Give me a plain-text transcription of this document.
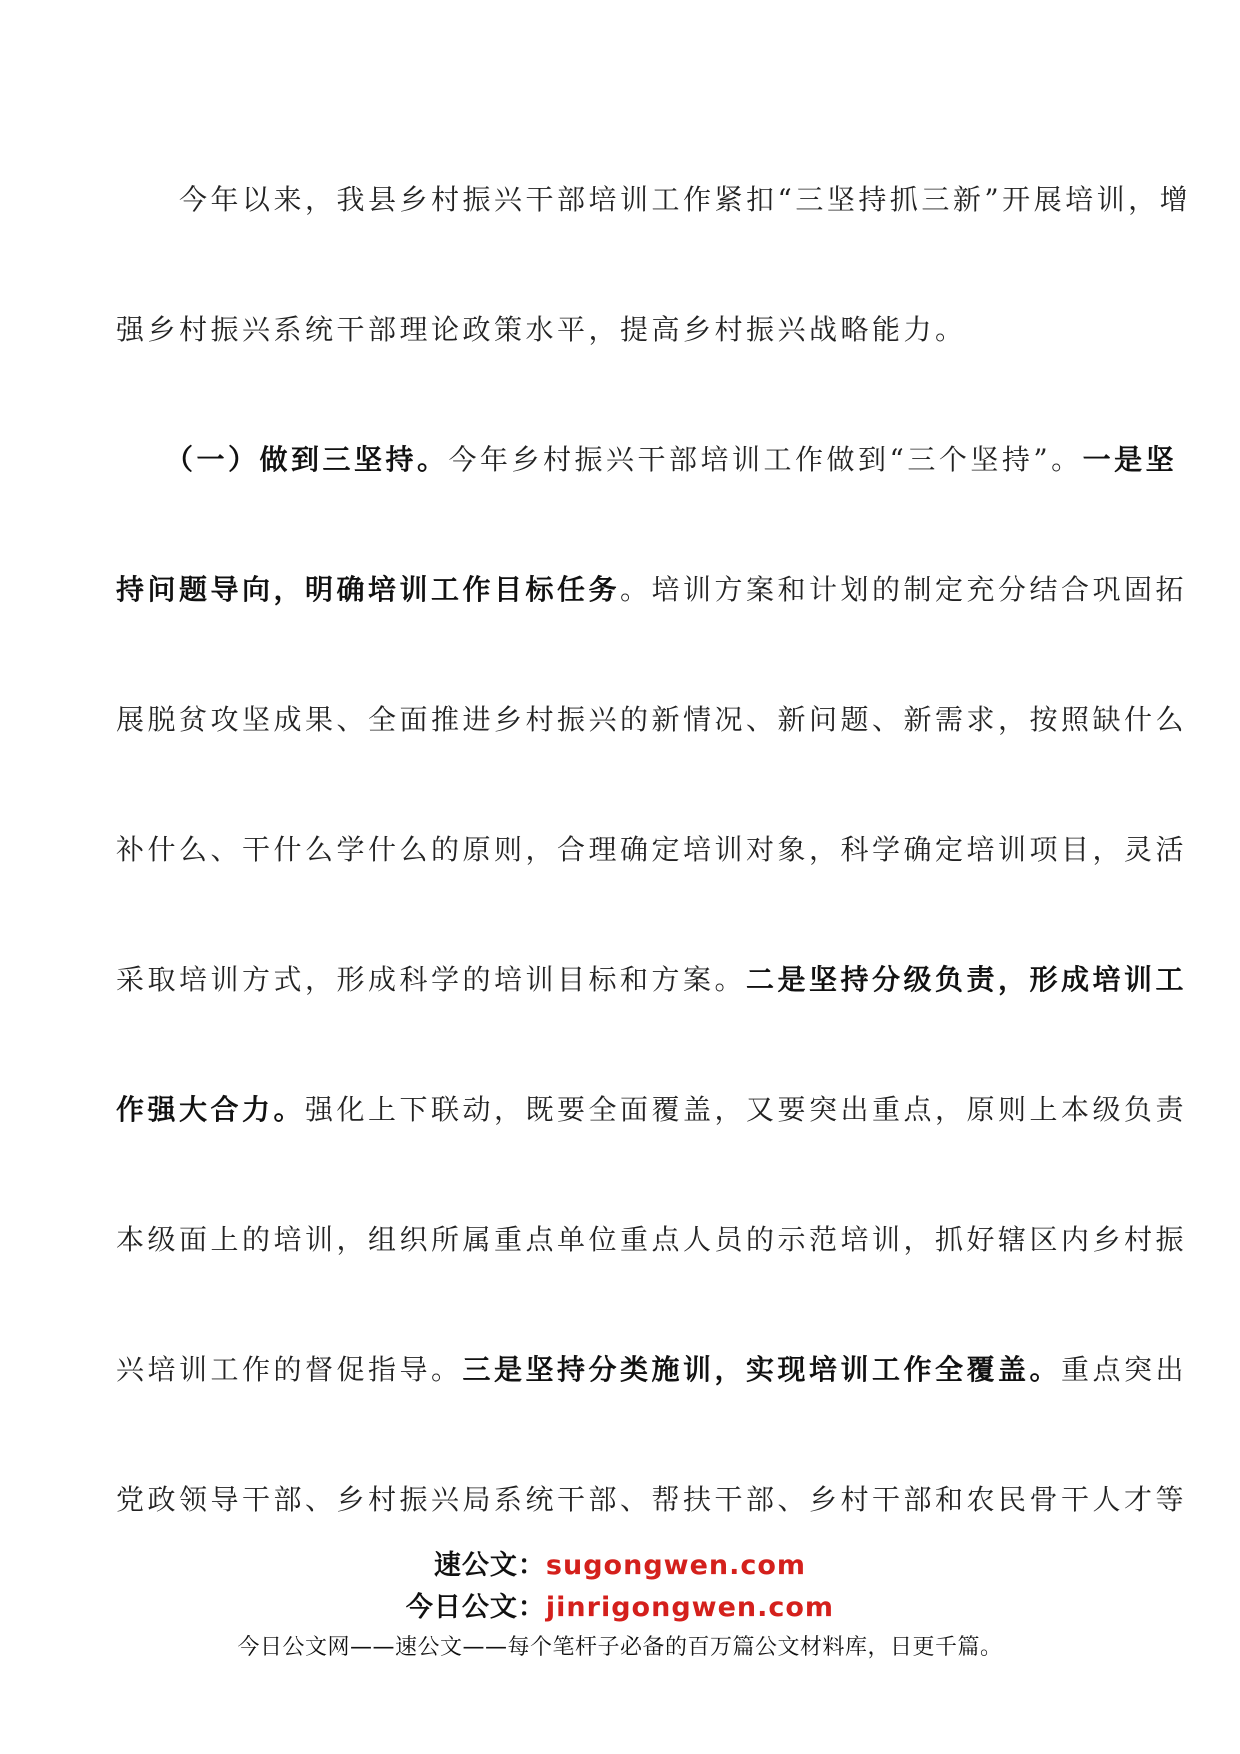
　　今年以来，我县乡村振兴干部培训工作紧扣“三坚持抓三新”开展培训，增
强乡村振兴系统干部理论政策水平，提高乡村振兴战略能力。
　　（一）做到三坚持。今年乡村振兴干部培训工作做到“三个坚持”。一是坚
持问题导向，明确培训工作目标任务。培训方案和计划的制定充分结合巩固拓
展脱贫攻坚成果、全面推进乡村振兴的新情况、新问题、新需求，按照缺什么
补什么、干什么学什么的原则，合理确定培训对象，科学确定培训项目，灵活
采取培训方式，形成科学的培训目标和方案。二是坚持分级负责，形成培训工
作强大合力。强化上下联动，既要全面覆盖，又要突出重点，原则上本级负责
本级面上的培训，组织所属重点单位重点人员的示范培训，抓好辖区内乡村振
兴培训工作的督促指导。三是坚持分类施训，实现培训工作全覆盖。重点突出
党政领导干部、乡村振兴局系统干部、帮扶干部、乡村干部和农民骨干人才等
速公文：sugongwen.com
今日公文：jinrigongwen.com
今日公文网——速公文——每个笔杆子必备的百万篇公文材料库，日更千篇。
